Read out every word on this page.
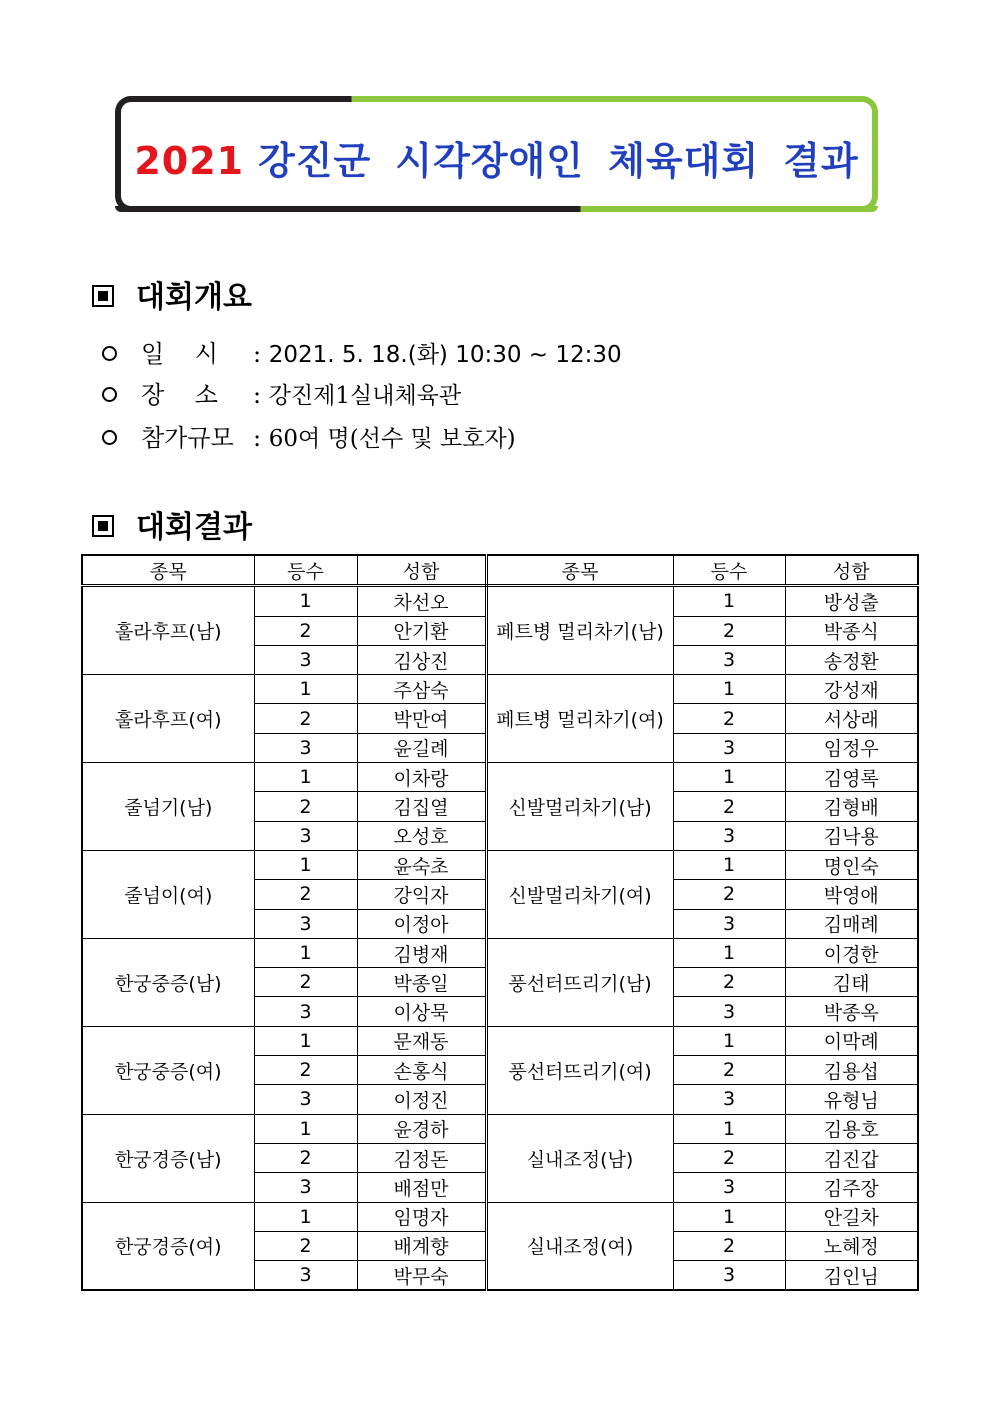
2021 강진군 시각장애인 체육대회 결과
대회개요
일    시 : 2021. 5. 18.(화) 10:30 ~ 12:30
장    소 : 강진제1실내체육관
참가규모 : 60여 명(선수 및 보호자)
대회결과
종목	등수	성함	종목	등수	성함
훌라후프(남)	1	차선오	페트병 멀리차기(남)	1	방성출
	2	안기환		2	박종식
	3	김상진		3	송정환
훌라후프(여)	1	주삼숙	페트병 멀리차기(여)	1	강성재
	2	박만여		2	서상래
	3	윤길례		3	임정우
줄넘기(남)	1	이차랑	신발멀리차기(남)	1	김영록
	2	김집열		2	김형배
	3	오성호		3	김낙용
줄넘이(여)	1	윤숙초	신발멀리차기(여)	1	명인숙
	2	강익자		2	박영애
	3	이정아		3	김매례
한궁중증(남)	1	김병재	풍선터뜨리기(남)	1	이경한
	2	박종일		2	김태
	3	이상묵		3	박종옥
한궁중증(여)	1	문재동	풍선터뜨리기(여)	1	이막례
	2	손홍식		2	김용섭
	3	이정진		3	유형님
한궁경증(남)	1	윤경하	실내조정(남)	1	김용호
	2	김정돈		2	김진갑
	3	배점만		3	김주장
한궁경증(여)	1	임명자	실내조정(여)	1	안길차
	2	배계향		2	노혜정
	3	박무숙		3	김인님
